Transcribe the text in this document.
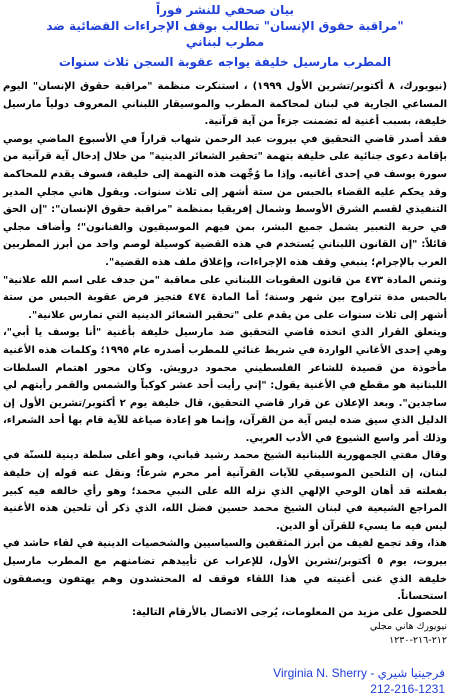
بيان صحفي للنشر فوراً
"مراقبة حقوق الإنسان" تطالب بوقف الإجراءات القضائية ضد
مطرب لبناني
المطرب مارسيل خليفة يواجه عقوبة السجن ثلاث سنوات

(نيويورك، ٨ أكتوبر/تشرين الأول ١٩٩٩) ، استنكرت منظمة "مراقبة حقوق الإنسان" اليوم المساعي الجارية في لبنان لمحاكمة المطرب والموسيقار اللبناني المعروف دولياً مارسيل خليفة، بسبب أغنية له تضمنت جزءاً من آية قرآنية.

فقد أصدر قاضي التحقيق في بيروت عبد الرحمن شهاب قراراً في الأسبوع الماضي يوصي بإقامة دعوى جنائية على خليفة بتهمة "تحقير الشعائر الدينية" من خلال إدخال آية قرآنية من سورة يوسف في إحدى أغانيه. وإذا ما وُجِّهت هذه التهمة إلى خليفة، فسوف يقدم للمحاكمة وقد يحكم عليه القضاء بالحبس من ستة أشهر إلى ثلاث سنوات. ويقول هاني مجلي المدير التنفيذي لقسم الشرق الأوسط وشمال إفريقيا بمنظمة "مراقبة حقوق الإنسان": "إن الحق في حرية التعبير يشمل جميع البشر، بمن فيهم الموسيقيون والفنانون"؛ وأضاف مجلي قائلاً: "إن القانون اللبناني يُستخدم في هذه القضية كوسيلة لوصم واحد من أبرز المطربين العرب بالإجرام؛ ينبغي وقف هذه الإجراءات، وإغلاق ملف هذه القضية".

وتنص المادة ٤٧٣ من قانون العقوبات اللبناني على معاقبة "من جدف على اسم الله علانية" بالحبس مدة تتراوح بين شهر وسنة؛ أما المادة ٤٧٤ فتجيز فرض عقوبة الحبس من ستة أشهر إلى ثلاث سنوات على من يقدم على "تحقير الشعائر الدينية التي تمارس علانية".

ويتعلق القرار الذي اتخذه قاضي التحقيق ضد مارسيل خليفة بأغنية "أنا يوسف يا أبي"، وهي إحدى الأغاني الواردة في شريط غنائي للمطرب أصدره عام ١٩٩٥؛ وكلمات هذه الأغنية مأخوذة من قصيدة للشاعر الفلسطيني محمود درويش. وكان محور اهتمام السلطات اللبنانية هو مقطع في الأغنية يقول: "إني رأيت أحد عشر كوكباً والشمس والقمر رأيتهم لي ساجدين". وبعد الإعلان عن قرار قاضي التحقيق، قال خليفة يوم ٢ أكتوبر/تشرين الأول إن الدليل الذي سيق ضده ليس آية من القرآن، وإنما هو إعادة صياغة للآية قام بها أحد الشعراء، وذلك أمر واسع الشيوع في الأدب العربي.

وقال مفتي الجمهورية اللبنانية الشيخ محمد رشيد قباني، وهو أعلى سلطة دينية للسنّة في لبنان، إن التلحين الموسيقي للآيات القرآنية أمر محرم شرعاً؛ ونقل عنه قوله إن خليفة بفعلته قد أهان الوحي الإلهي الذي نزله الله على النبي محمد؛ وهو رأي خالفه فيه كبير المراجع الشيعية في لبنان الشيخ محمد حسين فضل الله، الذي ذكر أن تلحين هذه الأغنية ليس فيه ما يسيء للقرآن أو الدين.

هذا، وقد تجمع لفيف من أبرز المثقفين والسياسيين والشخصيات الدينية في لقاء حاشد في بيروت، يوم ٥ أكتوبر/تشرين الأول، للإعراب عن تأييدهم تضامنهم مع المطرب مارسيل خليفة الذي غنى أغنيته في هذا اللقاء فوقف له المحتشدون وهم يهتفون ويصفقون استحساناً.

للحصول على مزيد من المعلومات، يُرجى الاتصال بالأرقام التالية:
نيويورك هاني مجلي
٢١٢-٢١٦-١٢٣٠
Virginia N. Sherry - فرجينيا شيري
212-216-1231
